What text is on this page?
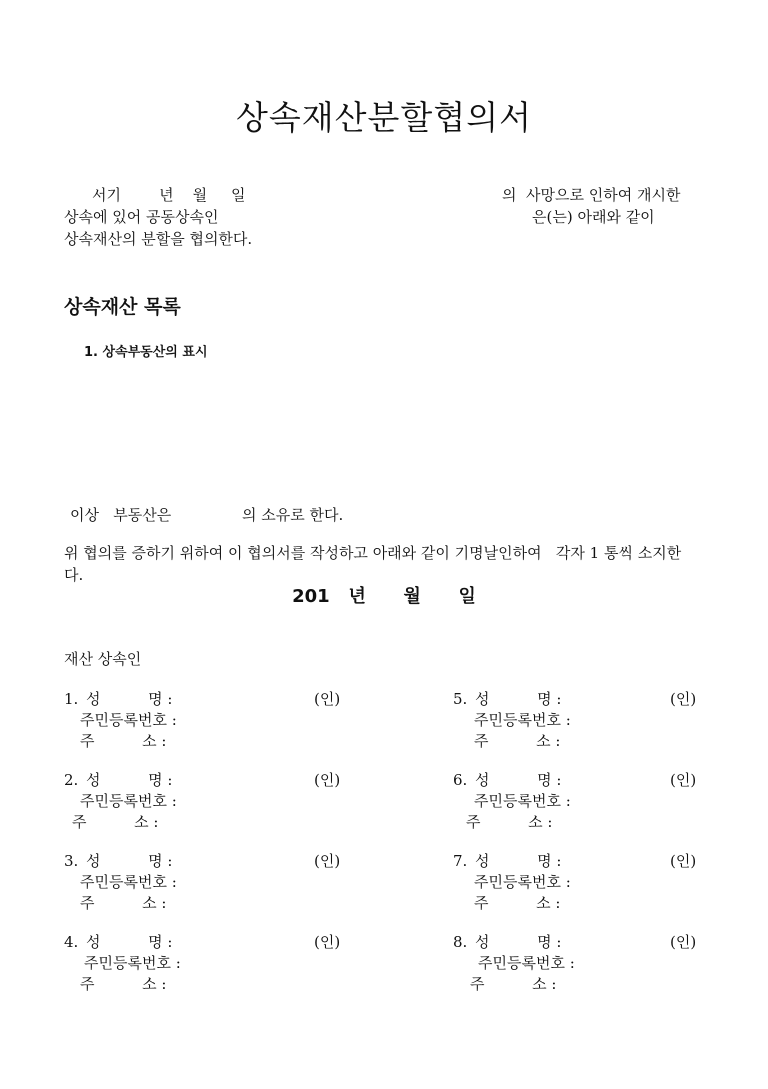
상속재산분할협의서
서기        년    월     일	의  사망으로 인하여 개시한
상속에 있어 공동상속인	은(는) 아래와 같이
상속재산의 분할을 협의한다.
상속재산 목록
1. 상속부동산의 표시
이상   부동산은	의 소유로 한다.
위 협의를 증하기 위하여 이 협의서를 작성하고 아래와 같이 기명날인하여   각자 1 통씩 소지한
다.
201   년      월      일
재산 상속인
1. 성          명 :	(인)
주민등록번호 :
주          소 :
2. 성          명 :	(인)
주민등록번호 :
주          소 :
3. 성          명 :	(인)
주민등록번호 :
주          소 :
4. 성          명 :	(인)
주민등록번호 :
주          소 :
5. 성          명 :	(인)
주민등록번호 :
주          소 :
6. 성          명 :	(인)
주민등록번호 :
주          소 :
7. 성          명 :	(인)
주민등록번호 :
주          소 :
8. 성          명 :	(인)
주민등록번호 :
주          소 :
